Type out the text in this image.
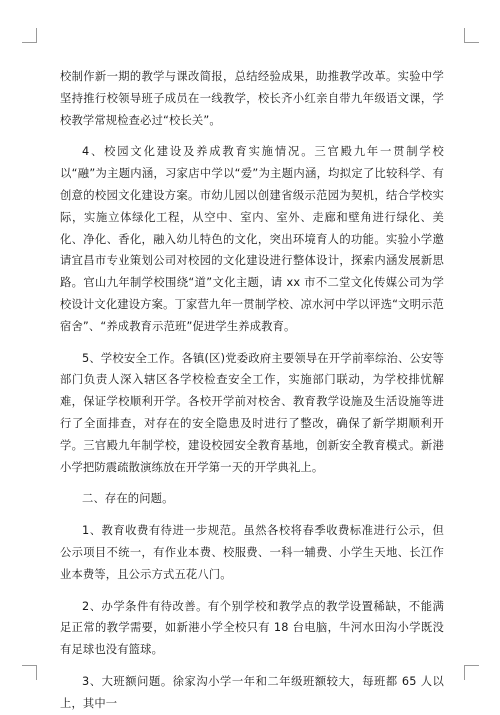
校制作新一期的教学与课改简报，总结经验成果，助推教学改革。实验中学坚持推行校领导班子成员在一线教学，校长齐小红亲自带九年级语文课，学校教学常规检查必过“校长关”。

4、校园文化建设及养成教育实施情况。三官殿九年一贯制学校以“融”为主题内涵，习家店中学以“爱”为主题内涵，均拟定了比较科学、有创意的校园文化建设方案。市幼儿园以创建省级示范园为契机，结合学校实际，实施立体绿化工程，从空中、室内、室外、走廊和壁角进行绿化、美化、净化、香化，融入幼儿特色的文化，突出环境育人的功能。实验小学邀请宜昌市专业策划公司对校园的文化建设进行整体设计，探索内涵发展新思路。官山九年制学校围绕“道”文化主题，请 xx 市不二堂文化传媒公司为学校设计文化建设方案。丁家营九年一贯制学校、凉水河中学以评选“文明示范宿舍”、“养成教育示范班”促进学生养成教育。

5、学校安全工作。各镇(区)党委政府主要领导在开学前率综治、公安等部门负责人深入辖区各学校检查安全工作，实施部门联动，为学校排忧解难，保证学校顺利开学。各校开学前对校舍、教育教学设施及生活设施等进行了全面排查，对存在的安全隐患及时进行了整改，确保了新学期顺利开学。三官殿九年制学校，建设校园安全教育基地，创新安全教育模式。新港小学把防震疏散演练放在开学第一天的开学典礼上。

二、存在的问题。

1、教育收费有待进一步规范。虽然各校将春季收费标准进行公示，但公示项目不统一，有作业本费、校服费、一科一辅费、小学生天地、长江作业本费等，且公示方式五花八门。

2、办学条件有待改善。有个别学校和教学点的教学设置稀缺，不能满足正常的教学需要，如新港小学全校只有 18 台电脑，牛河水田沟小学既没有足球也没有篮球。

3、大班额问题。徐家沟小学一年和二年级班额较大，每班都 65 人以上，其中一
